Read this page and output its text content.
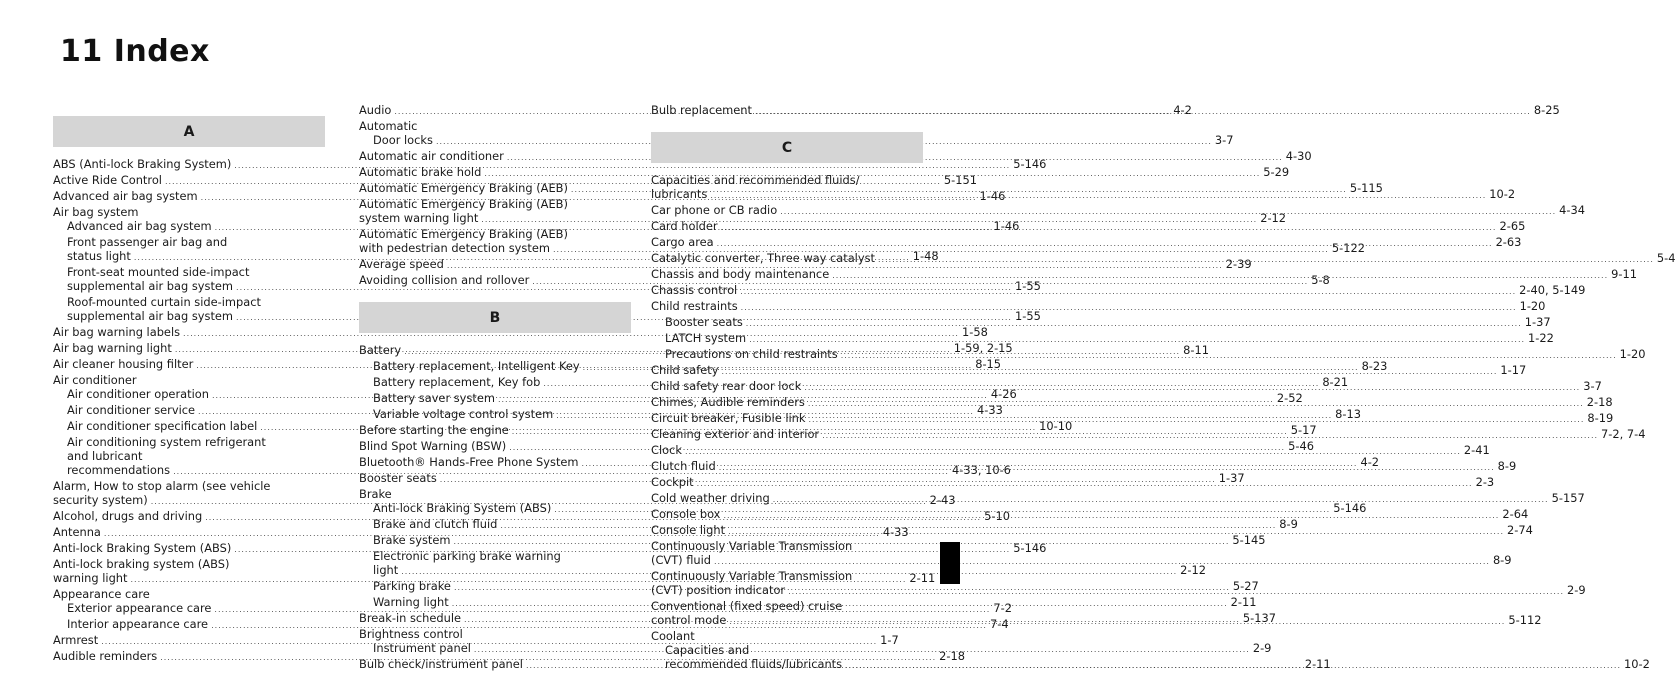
11 Index
A
ABS (Anti-lock Braking System) .....	5-146
Active Ride Control .....	5-151
Advanced air bag system .....	1-46
Air bag system
Advanced air bag system .....	1-46
Front passenger air bag and
status light .....	1-48
Front-seat mounted side-impact
supplemental air bag system .....	1-55
Roof-mounted curtain side-impact
supplemental air bag system .....	1-55
Air bag warning labels .....	1-58
Air bag warning light .....	1-59, 2-15
Air cleaner housing filter .....	8-15
Air conditioner
Air conditioner operation .....	4-26
Air conditioner service .....	4-33
Air conditioner specification label .....	10-10
Air conditioning system refrigerant
and lubricant
recommendations .....	4-33, 10-6
Alarm, How to stop alarm (see vehicle
security system) .....	2-43
Alcohol, drugs and driving .....	5-10
Antenna .....	4-33
Anti-lock Braking System (ABS) .....	5-146
Anti-lock braking system (ABS)
warning light .....	2-11
Appearance care
Exterior appearance care .....	7-2
Interior appearance care .....	7-4
Armrest .....	1-7
Audible reminders .....	2-18
Audio .....	4-2
Automatic
Door locks .....	3-7
Automatic air conditioner .....	4-30
Automatic brake hold .....	5-29
Automatic Emergency Braking (AEB) .....	5-115
Automatic Emergency Braking (AEB)
system warning light .....	2-12
Automatic Emergency Braking (AEB)
with pedestrian detection system .....	5-122
Average speed .....	2-39
Avoiding collision and rollover .....	5-8
B
Battery .....	8-11
Battery replacement, Intelligent Key .....	8-23
Battery replacement, Key fob .....	8-21
Battery saver system .....	2-52
Variable voltage control system .....	8-13
Before starting the engine .....	5-17
Blind Spot Warning (BSW) .....	5-46
Bluetooth® Hands-Free Phone System .....	4-2
Booster seats .....	1-37
Brake
Anti-lock Braking System (ABS) .....	5-146
Brake and clutch fluid .....	8-9
Brake system .....	5-145
Electronic parking brake warning
light .....	2-12
Parking brake .....	5-27
Warning light .....	2-11
Break-in schedule .....	5-137
Brightness control
Instrument panel .....	2-9
Bulb check/instrument panel .....	2-11
Bulb replacement .....	8-25
C
Capacities and recommended fluids/
lubricants .....	10-2
Car phone or CB radio .....	4-34
Card holder .....	2-65
Cargo area .....	2-63
Catalytic converter, Three way catalyst .....	5-4
Chassis and body maintenance .....	9-11
Chassis control .....	2-40, 5-149
Child restraints .....	1-20
Booster seats .....	1-37
LATCH system .....	1-22
Precautions on child restraints .....	1-20
Child safety .....	1-17
Child safety rear door lock .....	3-7
Chimes, Audible reminders .....	2-18
Circuit breaker, Fusible link .....	8-19
Cleaning exterior and interior .....	7-2, 7-4
Clock .....	2-41
Clutch fluid .....	8-9
Cockpit .....	2-3
Cold weather driving .....	5-157
Console box .....	2-64
Console light .....	2-74
Continuously Variable Transmission
(CVT) fluid .....	8-9
Continuously Variable Transmission
(CVT) position indicator .....	2-9
Conventional (fixed speed) cruise
control mode .....	5-112
Coolant
Capacities and
recommended fluids/lubricants .....	10-2
